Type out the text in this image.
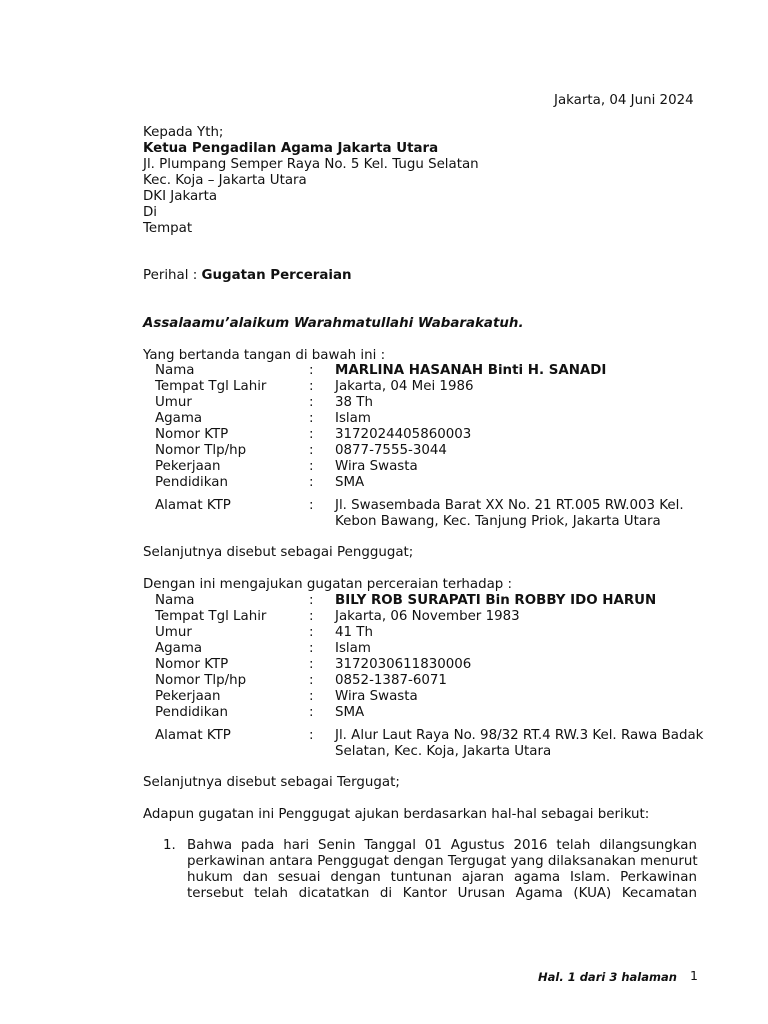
Jakarta, 04 Juni 2024
Kepada Yth;
Ketua Pengadilan Agama Jakarta Utara
Jl. Plumpang Semper Raya No. 5 Kel. Tugu Selatan
Kec. Koja – Jakarta Utara
DKI Jakarta
Di
Tempat
Perihal : Gugatan Perceraian
Assalaamu’alaikum Warahmatullahi Wabarakatuh.
Yang bertanda tangan di bawah ini :
Nama	: MARLINA HASANAH Binti H. SANADI
Tempat Tgl Lahir	: Jakarta, 04 Mei 1986
Umur	: 38 Th
Agama	: Islam
Nomor KTP	: 3172024405860003
Nomor Tlp/hp	: 0877-7555-3044
Pekerjaan	: Wira Swasta
Pendidikan	: SMA
Alamat KTP	: Jl. Swasembada Barat XX No. 21 RT.005 RW.003 Kel.
Kebon Bawang, Kec. Tanjung Priok, Jakarta Utara
Selanjutnya disebut sebagai Penggugat;
Dengan ini mengajukan gugatan perceraian terhadap :
Nama	: BILY ROB SURAPATI Bin ROBBY IDO HARUN
Tempat Tgl Lahir	: Jakarta, 06 November 1983
Umur	: 41 Th
Agama	: Islam
Nomor KTP	: 3172030611830006
Nomor Tlp/hp	: 0852-1387-6071
Pekerjaan	: Wira Swasta
Pendidikan	: SMA
Alamat KTP	: Jl. Alur Laut Raya No. 98/32 RT.4 RW.3 Kel. Rawa Badak
Selatan, Kec. Koja, Jakarta Utara
Selanjutnya disebut sebagai Tergugat;
Adapun gugatan ini Penggugat ajukan berdasarkan hal-hal sebagai berikut:
1. Bahwa pada hari Senin Tanggal 01 Agustus 2016 telah dilangsungkan
perkawinan antara Penggugat dengan Tergugat yang dilaksanakan menurut
hukum dan sesuai dengan tuntunan ajaran agama Islam. Perkawinan
tersebut telah dicatatkan di Kantor Urusan Agama (KUA) Kecamatan
Hal. 1 dari 3 halaman 1
